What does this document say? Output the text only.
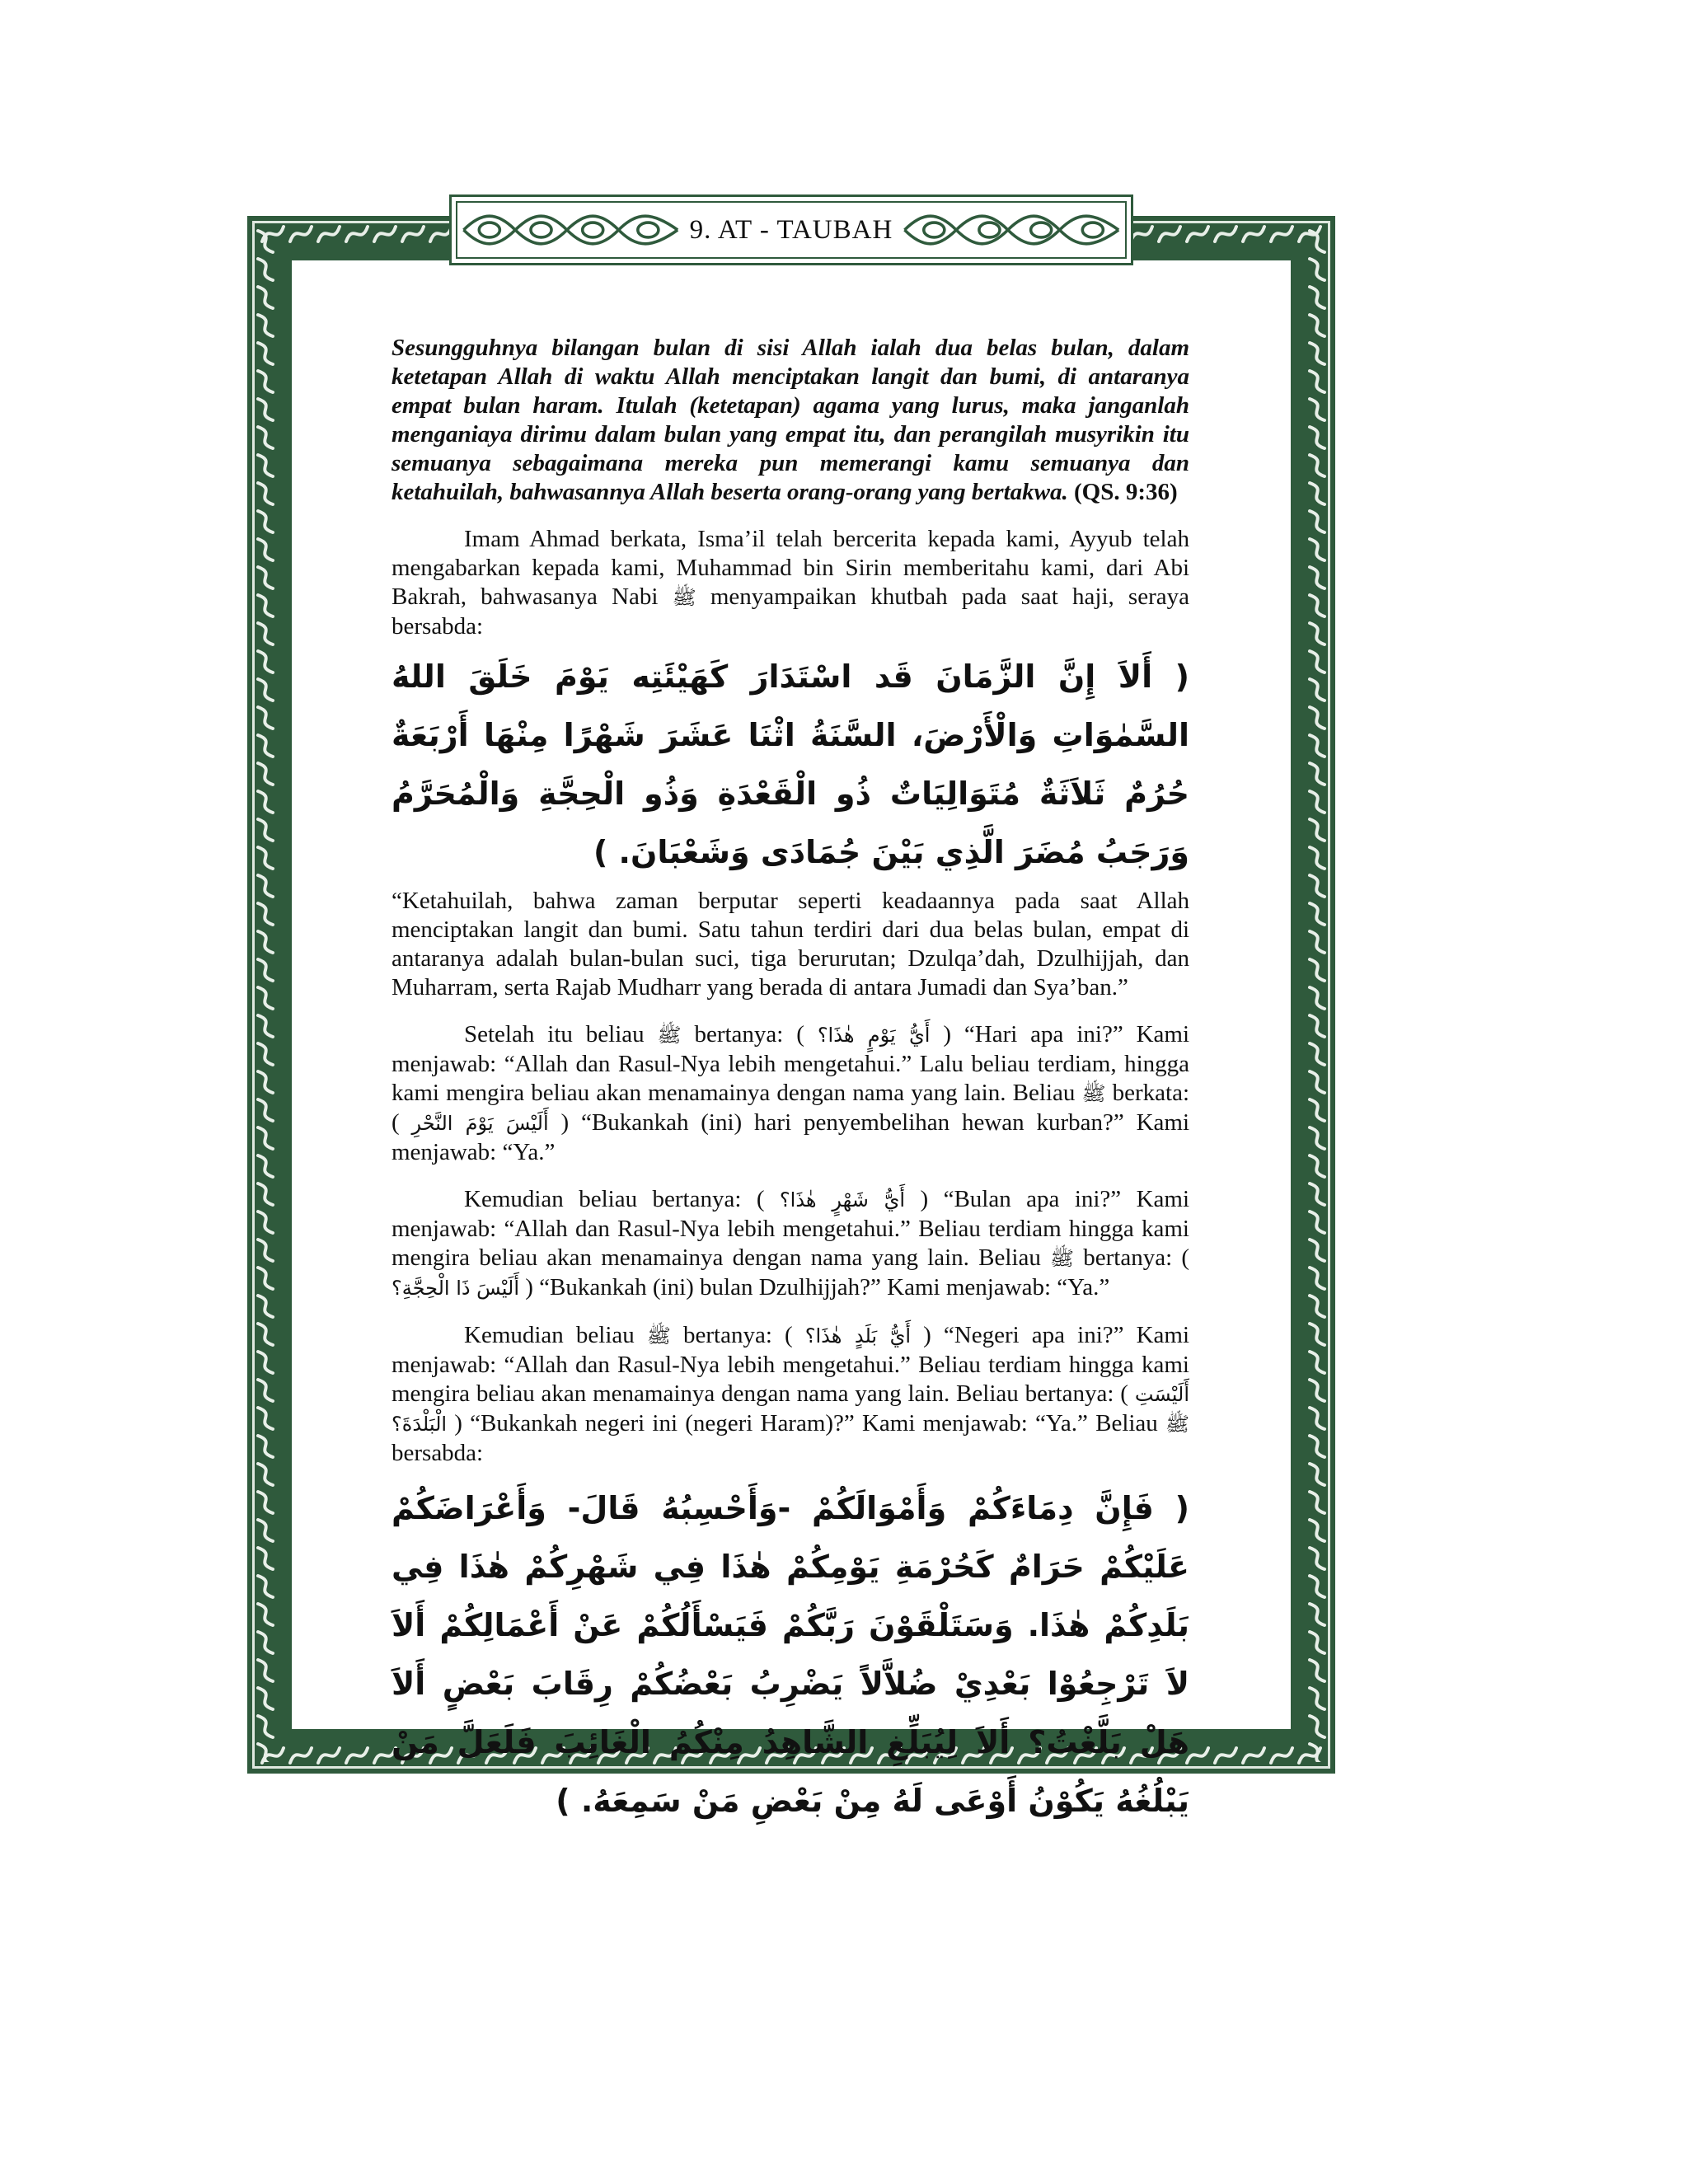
9. AT - TAUBAH

Sesungguhnya bilangan bulan di sisi Allah ialah dua belas bulan, dalam ketetapan Allah di waktu Allah menciptakan langit dan bumi, di antaranya empat bulan haram. Itulah (ketetapan) agama yang lurus, maka janganlah menganiaya dirimu dalam bulan yang empat itu, dan perangilah musyrikin itu semuanya sebagaimana mereka pun memerangi kamu semuanya dan ketahuilah, bahwasannya Allah beserta orang-orang yang bertakwa. (QS. 9:36)

Imam Ahmad berkata, Isma’il telah bercerita kepada kami, Ayyub telah mengabarkan kepada kami, Muhammad bin Sirin memberitahu kami, dari Abi Bakrah, bahwasanya Nabi ﷺ menyampaikan khutbah pada saat haji, seraya bersabda:

( أَلاَ إِنَّ الزَّمَانَ قَد اسْتَدَارَ كَهَيْئَتِه يَوْمَ خَلَقَ اللهُ السَّمٰوَاتِ وَالْأَرْضَ، السَّنَةُ اثْنَا عَشَرَ شَهْرًا مِنْهَا أَرْبَعَةٌ حُرُمٌ ثَلاَثَةٌ مُتَوَالِيَاتٌ ذُو الْقَعْدَةِ وَذُو الْحِجَّةِ وَالْمُحَرَّمُ وَرَجَبُ مُضَرَ الَّذِي بَيْنَ جُمَادَى وَشَعْبَانَ. )

“Ketahuilah, bahwa zaman berputar seperti keadaannya pada saat Allah menciptakan langit dan bumi. Satu tahun terdiri dari dua belas bulan, empat di antaranya adalah bulan-bulan suci, tiga berurutan; Dzulqa’dah, Dzulhijjah, dan Muharram, serta Rajab Mudharr yang berada di antara Jumadi dan Sya’ban.”

Setelah itu beliau ﷺ bertanya: ( أَيُّ يَوْمٍ هٰذَا؟ ) “Hari apa ini?” Kami menjawab: “Allah dan Rasul-Nya lebih mengetahui.” Lalu beliau terdiam, hingga kami mengira beliau akan menamainya dengan nama yang lain. Beliau ﷺ berkata: ( أَلَيْسَ يَوْمَ النَّحْرِ ) “Bukankah (ini) hari penyembelihan hewan kurban?” Kami menjawab: “Ya.”

Kemudian beliau bertanya: ( أَيُّ شَهْرٍ هٰذَا؟ ) “Bulan apa ini?” Kami menjawab: “Allah dan Rasul-Nya lebih mengetahui.” Beliau terdiam hingga kami mengira beliau akan menamainya dengan nama yang lain. Beliau ﷺ bertanya: ( أَلَيْسَ ذَا الْحِجَّةِ؟ ) “Bukankah (ini) bulan Dzulhijjah?” Kami menjawab: “Ya.”

Kemudian beliau ﷺ bertanya: ( أَيُّ بَلَدٍ هٰذَا؟ ) “Negeri apa ini?” Kami menjawab: “Allah dan Rasul-Nya lebih mengetahui.” Beliau terdiam hingga kami mengira beliau akan menamainya dengan nama yang lain. Beliau bertanya: ( أَلَيْسَتِ الْبَلْدَةَ؟ ) “Bukankah negeri ini (negeri Haram)?” Kami menjawab: “Ya.” Beliau ﷺ bersabda:

( فَإِنَّ دِمَاءَكُمْ وَأَمْوَالَكُمْ -وَأَحْسِبُهُ قَالَ- وَأَعْرَاضَكُمْ عَلَيْكُمْ حَرَامٌ كَحُرْمَةِ يَوْمِكُمْ هٰذَا فِي شَهْرِكُمْ هٰذَا فِي بَلَدِكُمْ هٰذَا. وَسَتَلْقَوْنَ رَبَّكُمْ فَيَسْأَلُكُمْ عَنْ أَعْمَالِكُمْ أَلاَ لاَ تَرْجِعُوْا بَعْدِيْ ضُلاَّلاً يَضْرِبُ بَعْضُكُمْ رِقَابَ بَعْضٍ أَلاَ هَلْ بَلَّغْتُ؟ أَلاَ لِيُبَلِّغِ الشَّاهِدُ مِنْكُمُ الْغَائِبَ فَلَعَلَّ مَنْ يَبْلُغُهُ يَكُوْنُ أَوْعَى لَهُ مِنْ بَعْضِ مَنْ سَمِعَهُ. )
